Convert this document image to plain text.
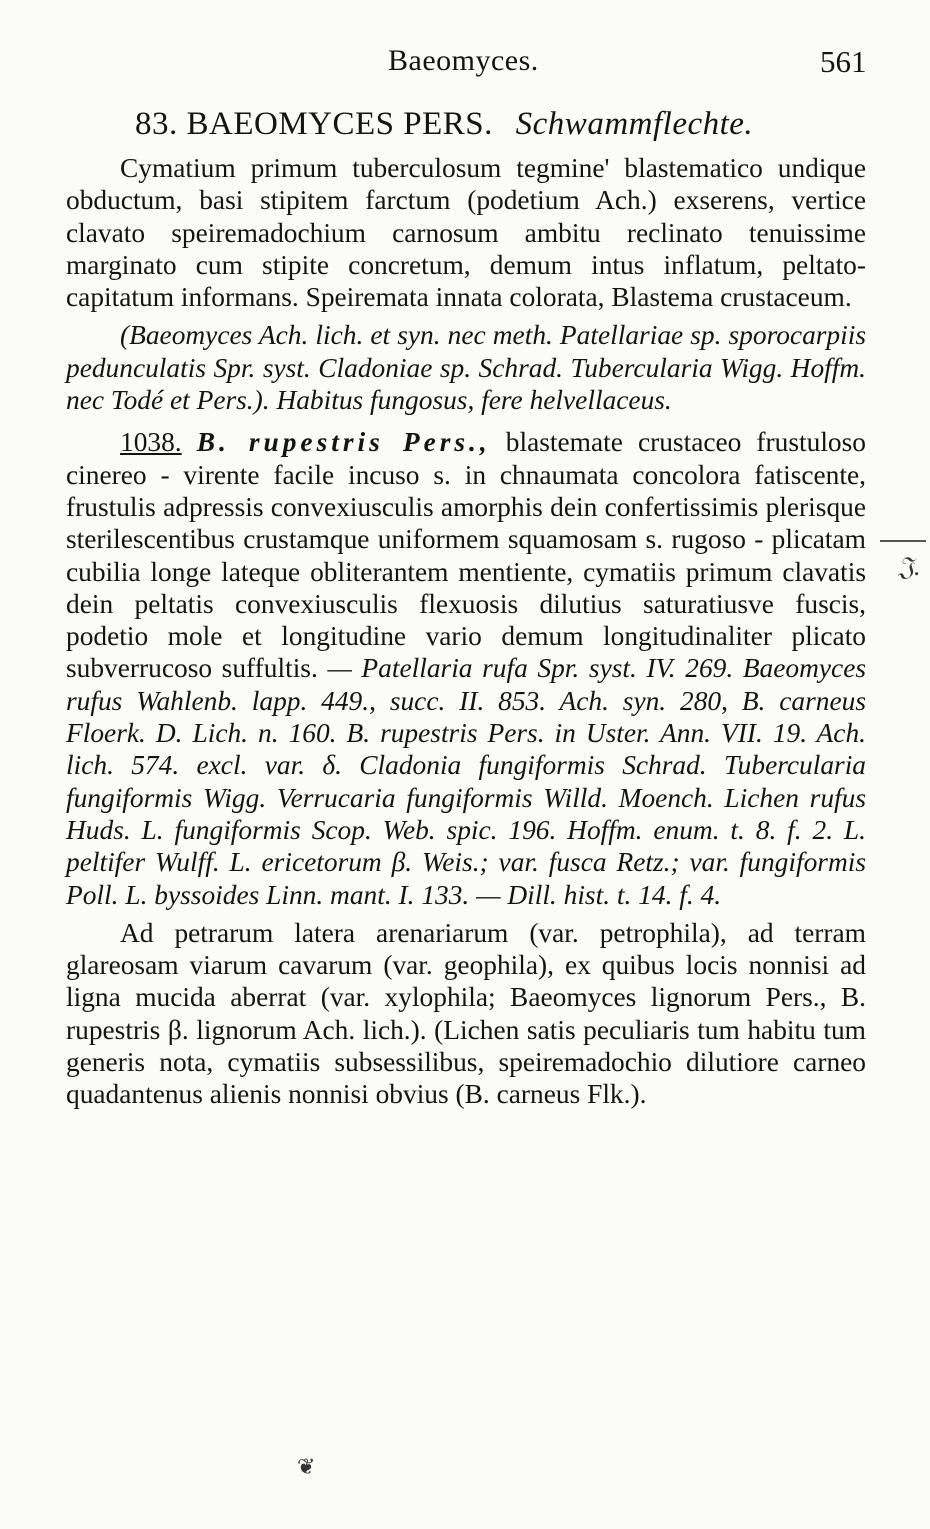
Baeomyces.	561
83. BAEOMYCES PERS. Schwammflechte.

Cymatium primum tuberculosum tegmine' blastematico undique obductum, basi stipitem farctum (podetium Ach.) exserens, vertice clavato speiremadochium carnosum ambitu reclinato tenuissime marginato cum stipite concretum, demum intus inflatum, peltato-capitatum informans. Speiremata innata colorata, Blastema crustaceum.

(Baeomyces Ach. lich. et syn. nec meth. Patellariae sp. sporocarpiis pedunculatis Spr. syst. Cladoniae sp. Schrad. Tubercularia Wigg. Hoffm. nec Todé et Pers.). Habitus fungosus, fere helvellaceus.

1038. B. rupestris Pers., blastemate crustaceo frustuloso cinereo - virente facile incuso s. in chnaumata concolora fatiscente, frustulis adpressis convexiusculis amorphis dein confertissimis plerisque sterilescentibus crustamque uniformem squamosam s. rugoso - plicatam cubilia longe lateque obliterantem mentiente, cymatiis primum clavatis dein peltatis convexiusculis flexuosis dilutius saturatiusve fuscis, podetio mole et longitudine vario demum longitudinaliter plicato subverrucoso suffultis. — Patellaria rufa Spr. syst. IV. 269. Baeomyces rufus Wahlenb. lapp. 449., succ. II. 853. Ach. syn. 280, B. carneus Floerk. D. Lich. n. 160. B. rupestris Pers. in Uster. Ann. VII. 19. Ach. lich. 574. excl. var. δ. Cladonia fungiformis Schrad. Tubercularia fungiformis Wigg. Verrucaria fungiformis Willd. Moench. Lichen rufus Huds. L. fungiformis Scop. Web. spic. 196. Hoffm. enum. t. 8. f. 2. L. peltifer Wulff. L. ericetorum β. Weis.; var. fusca Retz.; var. fungiformis Poll. L. byssoides Linn. mant. I. 133. — Dill. hist. t. 14. f. 4.

Ad petrarum latera arenariarum (var. petrophila), ad terram glareosam viarum cavarum (var. geophila), ex quibus locis nonnisi ad ligna mucida aberrat (var. xylophila; Baeomyces lignorum Pers., B. rupestris β. lignorum Ach. lich.). (Lichen satis peculiaris tum habitu tum generis nota, cymatiis subsessilibus, speiremadochio dilutiore carneo quadantenus alienis nonnisi obvius (B. carneus Flk.).

𝔍.
❦
